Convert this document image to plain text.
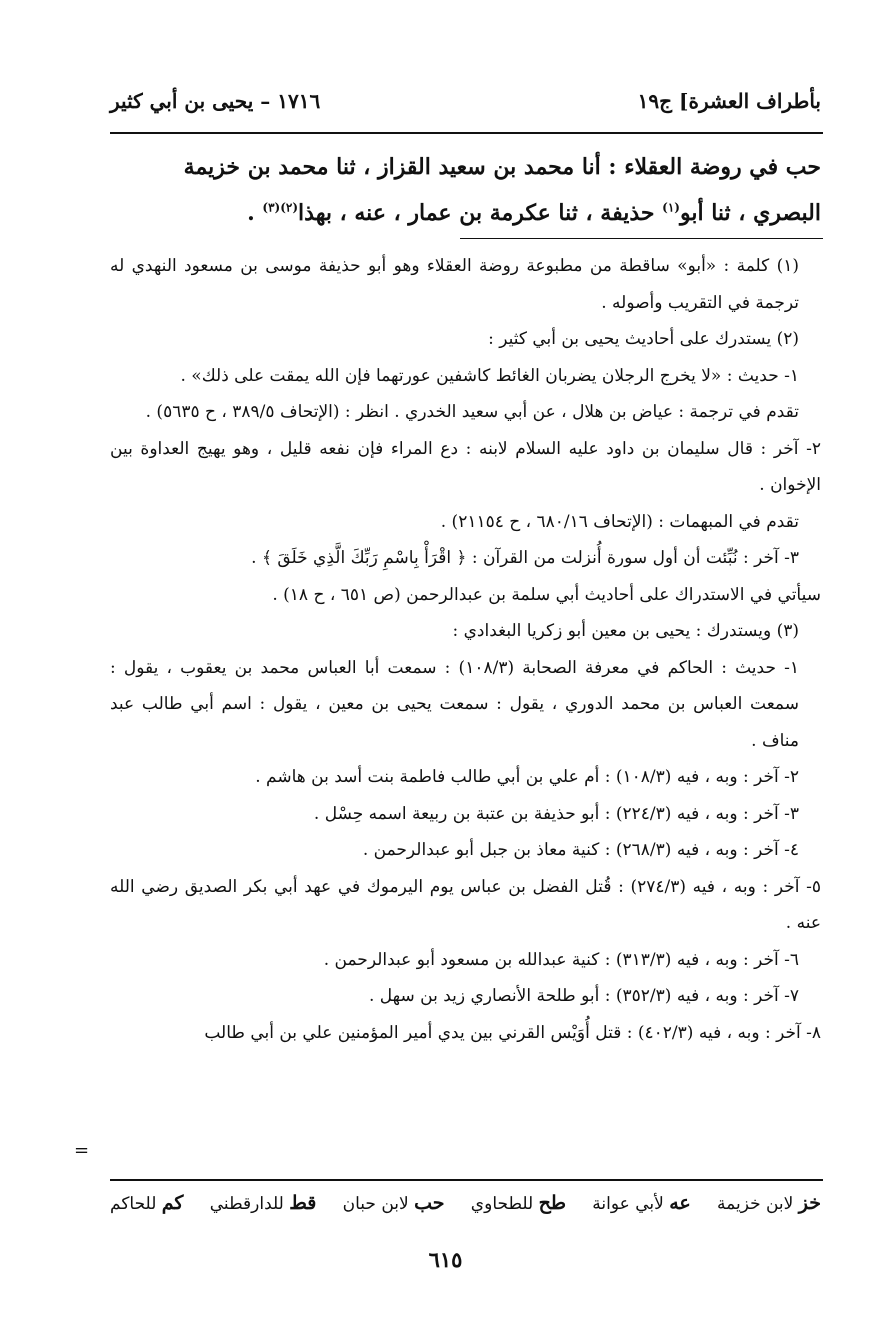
بأطراف العشرة] ج١٩
١٧١٦ – يحيى بن أبي كثير

حب في روضة العقلاء : أنا محمد بن سعيد القزاز ، ثنا محمد بن خزيمة

البصري ، ثنا أبو$^{(١)}$ حذيفة ، ثنا عكرمة بن عمار ، عنه ، بهذا$^{(٢)(٣)}$ .

(١) كلمة : «أبو» ساقطة من مطبوعة روضة العقلاء وهو أبو حذيفة موسى بن مسعود النهدي له ترجمة في التقريب وأصوله .

(٢) يستدرك على أحاديث يحيى بن أبي كثير :

١- حديث : «لا يخرج الرجلان يضربان الغائط كاشفين عورتهما فإن الله يمقت على ذلك» .

تقدم في ترجمة : عياض بن هلال ، عن أبي سعيد الخدري . انظر : (الإتحاف ٣٨٩/٥ ، ح ٥٦٣٥) .

٢- آخر : قال سليمان بن داود عليه السلام لابنه : دع المراء فإن نفعه قليل ، وهو يهيج العداوة بين الإخوان .

تقدم في المبهمات : (الإتحاف ٦٨٠/١٦ ، ح ٢١١٥٤) .

٣- آخر : نُبِّئت أن أول سورة أُنزلت من القرآن : ﴿ اقْرَأْ بِاسْمِ رَبِّكَ الَّذِي خَلَقَ ﴾ .

سيأتي في الاستدراك على أحاديث أبي سلمة بن عبدالرحمن (ص ٦٥١ ، ح ١٨) .

(٣) ويستدرك : يحيى بن معين أبو زكريا البغدادي :

١- حديث : الحاكم في معرفة الصحابة (١٠٨/٣) : سمعت أبا العباس محمد بن يعقوب ، يقول : سمعت العباس بن محمد الدوري ، يقول : سمعت يحيى بن معين ، يقول : اسم أبي طالب عبد مناف .

٢- آخر : وبه ، فيه (١٠٨/٣) : أم علي بن أبي طالب فاطمة بنت أسد بن هاشم .

٣- آخر : وبه ، فيه (٢٢٤/٣) : أبو حذيفة بن عتبة بن ربيعة اسمه حِسْل .

٤- آخر : وبه ، فيه (٢٦٨/٣) : كنية معاذ بن جبل أبو عبدالرحمن .

٥- آخر : وبه ، فيه (٢٧٤/٣) : قُتل الفضل بن عباس يوم اليرموك في عهد أبي بكر الصديق رضي الله عنه .

٦- آخر : وبه ، فيه (٣١٣/٣) : كنية عبدالله بن مسعود أبو عبدالرحمن .

٧- آخر : وبه ، فيه (٣٥٢/٣) : أبو طلحة الأنصاري زيد بن سهل .

٨- آخر : وبه ، فيه (٤٠٢/٣) : قتل أُوَيْس القرني بين يدي أمير المؤمنين علي بن أبي طالب

=
خز لابن خزيمة
عه لأبي عوانة
طح للطحاوي
حب لابن حبان
قط للدارقطني
كم للحاكم
٦١٥
